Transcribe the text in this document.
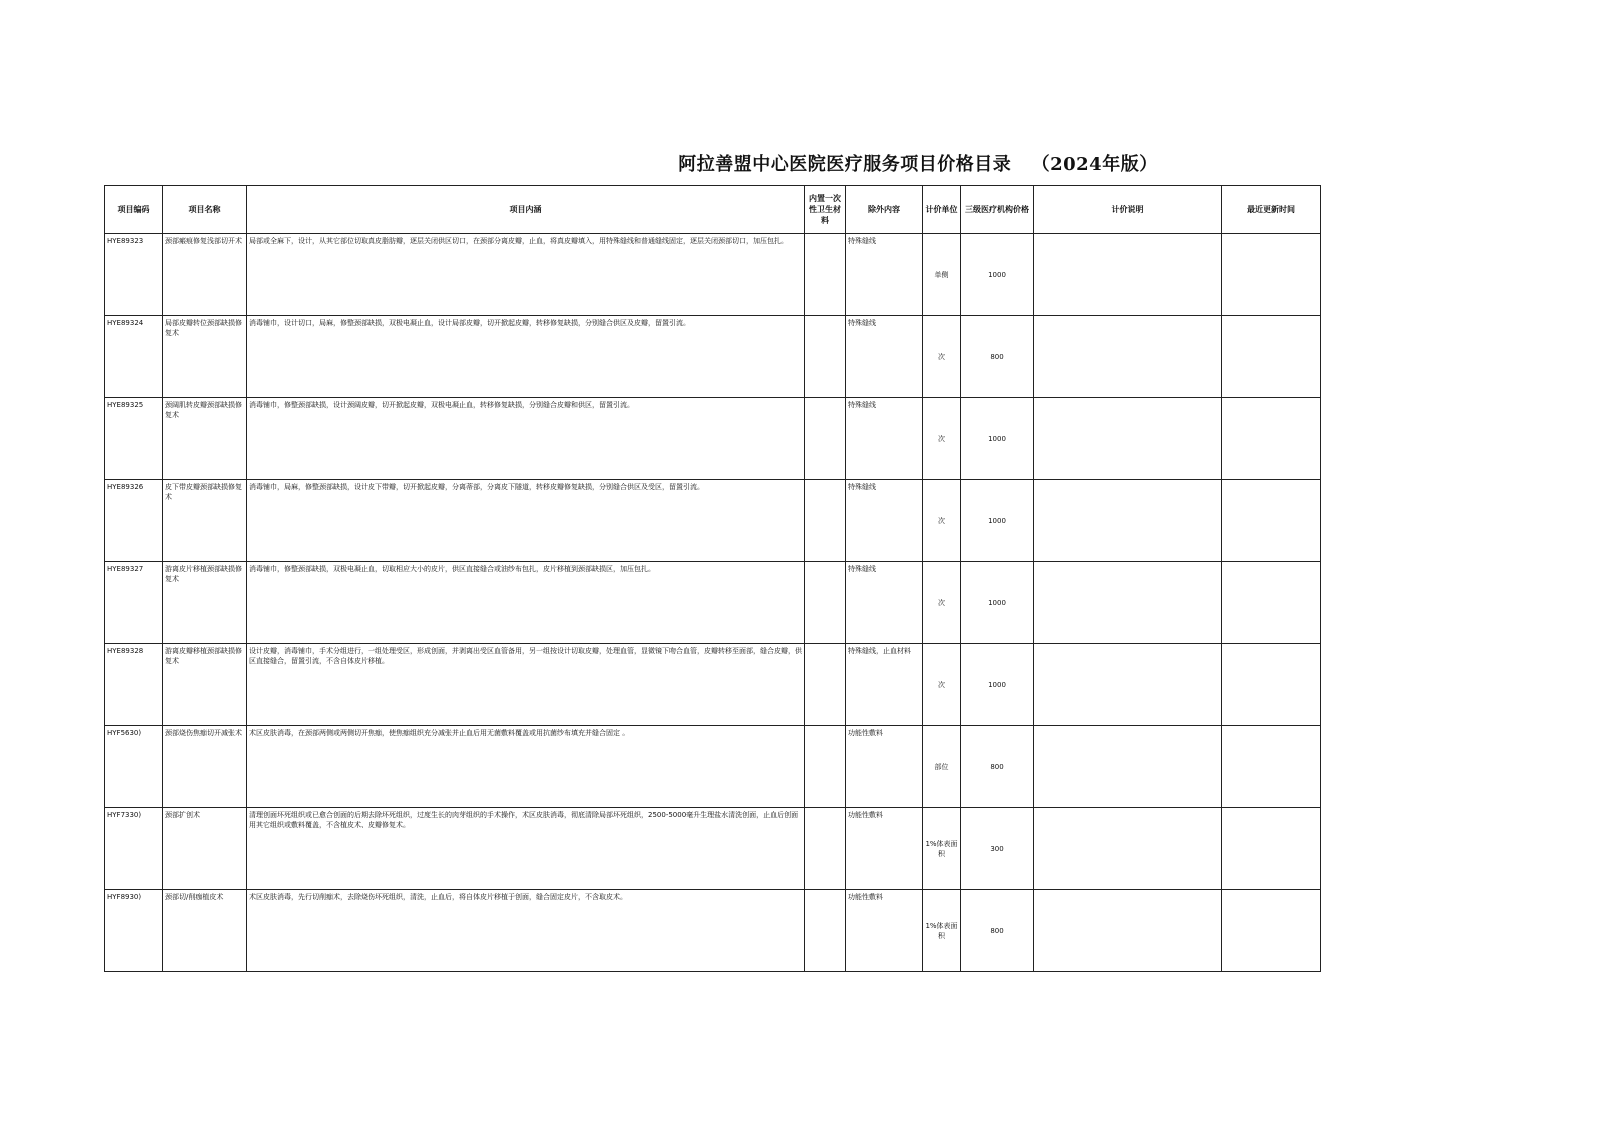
阿拉善盟中心医院医疗服务项目价格目录   （2024年版）
项目编码	项目名称	项目内涵	内置一次性卫生材料	除外内容	计价单位	三级医疗机构价格	计价说明	最近更新时间
HYE89323	颈部瘢痕修复浅部切开术	局部或全麻下，设计，从其它部位切取真皮脂肪瓣，逐层关闭供区切口，在颈部分离皮瓣，止血，将真皮瓣填入，用特殊缝线和普通缝线固定，逐层关闭颈部切口，加压包扎。		特殊缝线	单侧	1000		
HYE89324	局部皮瓣转位颈部缺损修复术	消毒铺巾，设计切口，局麻，修整颈部缺损，双极电凝止血，设计局部皮瓣，切开掀起皮瓣，转移修复缺损，分别缝合供区及皮瓣，留置引流。		特殊缝线	次	800		
HYE89325	颈阔肌转皮瓣颈部缺损修复术	消毒铺巾，修整颈部缺损，设计颈阔皮瓣，切开掀起皮瓣，双极电凝止血，转移修复缺损，分别缝合皮瓣和供区，留置引流。		特殊缝线	次	1000		
HYE89326	皮下带皮瓣颈部缺损修复术	消毒铺巾，局麻，修整颈部缺损，设计皮下带瓣，切开掀起皮瓣，分离蒂部，分离皮下隧道，转移皮瓣修复缺损，分别缝合供区及受区，留置引流。		特殊缝线	次	1000		
HYE89327	游离皮片移植颈部缺损修复术	消毒铺巾，修整颈部缺损，双极电凝止血，切取相应大小的皮片，供区直接缝合或油纱布包扎，皮片移植到颈部缺损区，加压包扎。		特殊缝线	次	1000		
HYE89328	游离皮瓣移植颈部缺损修复术	设计皮瓣，消毒铺巾，手术分组进行，一组处理受区，形成创面，并剥离出受区血管备用，另一组按设计切取皮瓣，处理血管，显微镜下吻合血管，皮瓣转移至面部，缝合皮瓣，供区直接缝合，留置引流，不含自体皮片移植。		特殊缝线，止血材料	次	1000		
HYF5630)	颈部烧伤焦痂切开减张术	术区皮肤消毒，在颈部两侧或两侧切开焦痂，使焦痂组织充分减张并止血后用无菌敷料覆盖或用抗菌纱布填充并缝合固定 。		功能性敷料	部位	800		
HYF7330)	颈部扩创术	清理创面坏死组织或已愈合创面的后期去除坏死组织，过度生长的肉芽组织的手术操作，术区皮肤消毒，彻底清除局部坏死组织，2500-5000毫升生理盐水清洗创面，止血后创面用其它组织或敷料覆盖，不含植皮术、皮瓣修复术。		功能性敷料	1%体表面积	300		
HYF8930)	颈部切/削痂植皮术	术区皮肤消毒，先行切削痂术，去除烧伤坏死组织，清洗，止血后，将自体皮片移植于创面，缝合固定皮片，不含取皮术。		功能性敷料	1%体表面积	800		
